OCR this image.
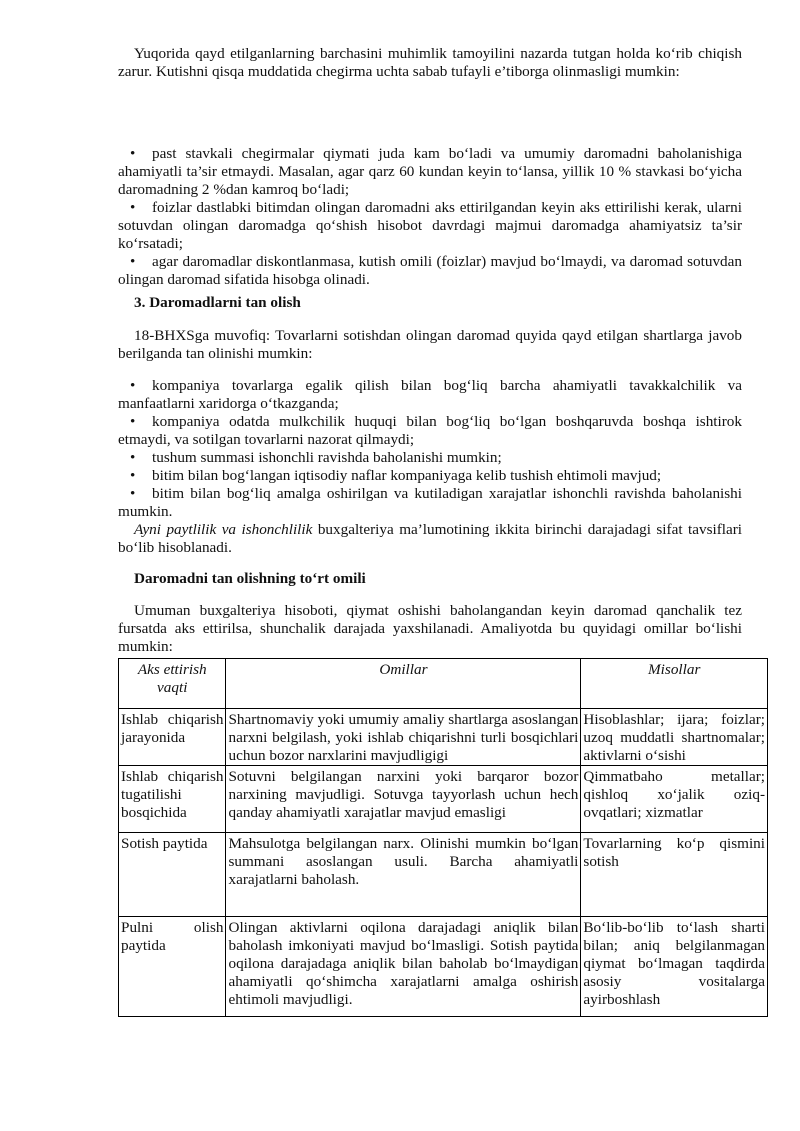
Yuqorida qayd etilganlarning barchasini muhimlik tamoyilini nazarda tutgan holda ko‘rib chiqish zarur. Kutishni qisqa muddatida chegirma uchta sabab tufayli e’tiborga olinmasligi mumkin:

• past stavkali chegirmalar qiymati juda kam bo‘ladi va umumiy daromadni baholanishiga ahamiyatli ta’sir etmaydi. Masalan, agar qarz 60 kundan keyin to‘lansa, yillik 10 % stavkasi bo‘yicha daromadning 2 %dan kamroq bo‘ladi;

• foizlar dastlabki bitimdan olingan daromadni aks ettirilgandan keyin aks ettirilishi kerak, ularni sotuvdan olingan daromadga qo‘shish hisobot davrdagi majmui daromadga ahamiyatsiz ta’sir ko‘rsatadi;

• agar daromadlar diskontlanmasa, kutish omili (foizlar) mavjud bo‘lmaydi, va daromad sotuvdan olingan daromad sifatida hisobga olinadi.

3. Daromadlarni tan olish

18-BHXSga muvofiq: Tovarlarni sotishdan olingan daromad quyida qayd etilgan shartlarga javob berilganda tan olinishi mumkin:

• kompaniya tovarlarga egalik qilish bilan bog‘liq barcha ahamiyatli tavakkalchilik va manfaatlarni xaridorga o‘tkazganda;

• kompaniya odatda mulkchilik huquqi bilan bog‘liq bo‘lgan boshqaruvda boshqa ishtirok etmaydi, va sotilgan tovarlarni nazorat qilmaydi;

• tushum summasi ishonchli ravishda baholanishi mumkin;

• bitim bilan bog‘langan iqtisodiy naflar kompaniyaga kelib tushish ehtimoli mavjud;

• bitim bilan bog‘liq amalga oshirilgan va kutiladigan xarajatlar ishonchli ravishda baholanishi mumkin.

Ayni paytlilik va ishonchlilik buxgalteriya ma’lumotining ikkita birinchi darajadagi sifat tavsiflari bo‘lib hisoblanadi.

Daromadni tan olishning to‘rt omili

Umuman buxgalteriya hisoboti, qiymat oshishi baholangandan keyin daromad qanchalik tez fursatda aks ettirilsa, shunchalik darajada yaxshilanadi. Amaliyotda bu quyidagi omillar bo‘lishi mumkin:

Aks ettirish vaqti	Omillar	Misollar
Ishlab chiqarish jarayonida	Shartnomaviy yoki umumiy amaliy shartlarga asoslangan narxni belgilash, yoki ishlab chiqarishni turli bosqichlari uchun bozor narxlarini mavjudligigi	Hisoblashlar; ijara; foizlar; uzoq muddatli shartnomalar; aktivlarni o‘sishi
Ishlab chiqarish tugatilishi bosqichida	Sotuvni belgilangan narxini yoki barqaror bozor narxining mavjudligi. Sotuvga tayyorlash uchun hech qanday ahamiyatli xarajatlar mavjud emasligi	Qimmatbaho metallar; qishloq xo‘jalik oziq-ovqatlari; xizmatlar
Sotish paytida	Mahsulotga belgilangan narx. Olinishi mumkin bo‘lgan summani asoslangan usuli. Barcha ahamiyatli xarajatlarni baholash.	Tovarlarning ko‘p qismini sotish
Pulni olish paytida	Olingan aktivlarni oqilona darajadagi aniqlik bilan baholash imkoniyati mavjud bo‘lmasligi. Sotish paytida oqilona darajadaga aniqlik bilan baholab bo‘lmaydigan ahamiyatli qo‘shimcha xarajatlarni amalga oshirish ehtimoli mavjudligi.	Bo‘lib-bo‘lib to‘lash sharti bilan; aniq belgilanmagan qiymat bo‘lmagan taqdirda asosiy vositalarga ayirboshlash
